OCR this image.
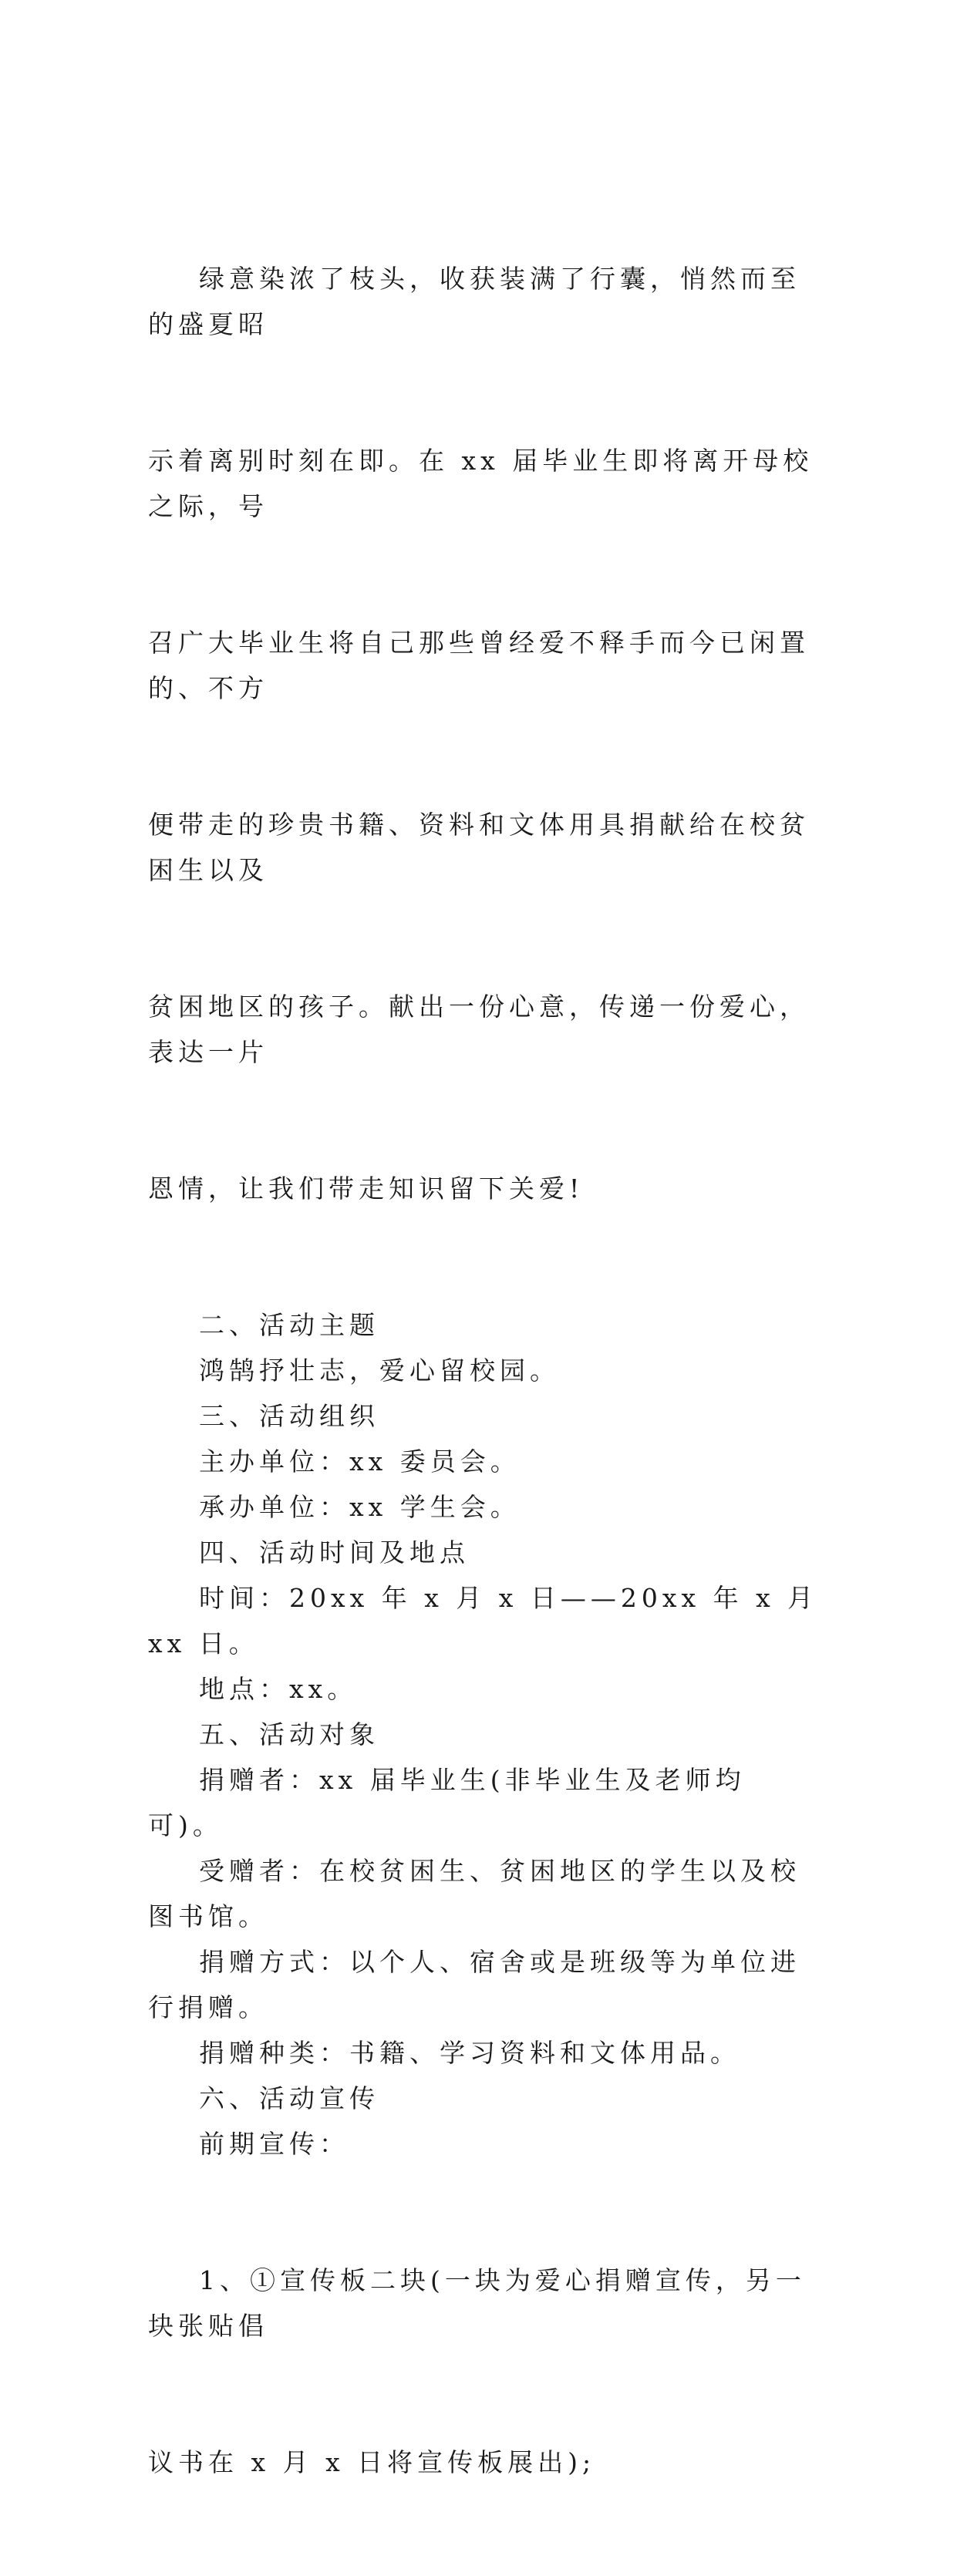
绿意染浓了枝头，收获装满了行囊，悄然而至的盛夏昭

示着离别时刻在即。在 xx 届毕业生即将离开母校之际，号

召广大毕业生将自己那些曾经爱不释手而今已闲置的、不方

便带走的珍贵书籍、资料和文体用具捐献给在校贫困生以及

贫困地区的孩子。献出一份心意，传递一份爱心，表达一片

恩情，让我们带走知识留下关爱!

二、活动主题

鸿鹄抒壮志，爱心留校园。

三、活动组织

主办单位：xx 委员会。

承办单位：xx 学生会。

四、活动时间及地点

时间：20xx 年 x 月 x 日——20xx 年 x 月 xx 日。

地点：xx。

五、活动对象

捐赠者：xx 届毕业生(非毕业生及老师均可)。

受赠者：在校贫困生、贫困地区的学生以及校图书馆。

捐赠方式：以个人、宿舍或是班级等为单位进行捐赠。

捐赠种类：书籍、学习资料和文体用品。

六、活动宣传

前期宣传：

1、①宣传板二块(一块为爱心捐赠宣传，另一块张贴倡

议书在 x 月 x 日将宣传板展出);
